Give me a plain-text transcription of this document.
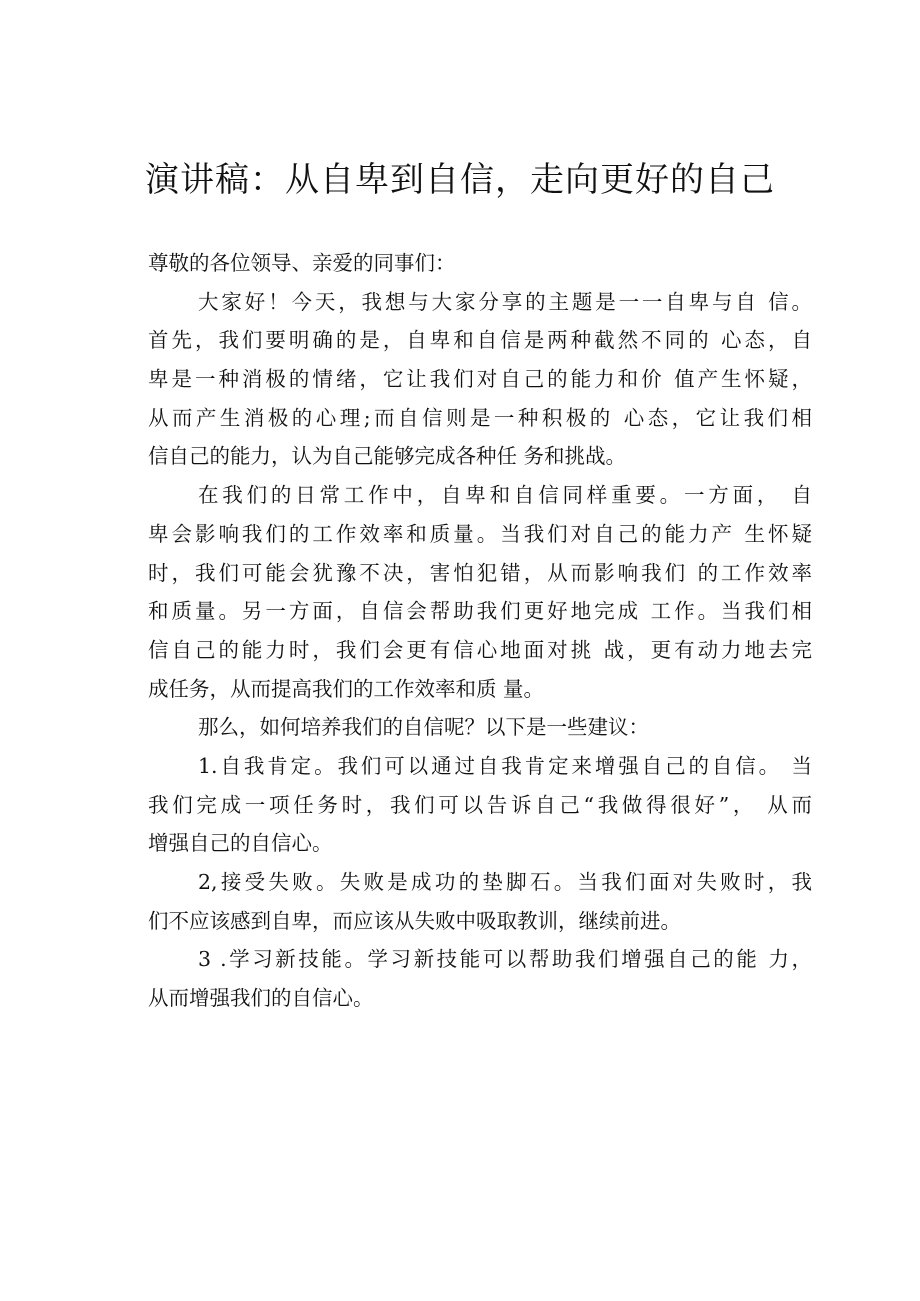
演讲稿：从自卑到自信，走向更好的自己
尊敬的各位领导、亲爱的同事们：
大家好！今天，我想与大家分享的主题是一一自卑与自 信。
首先，我们要明确的是，自卑和自信是两种截然不同的 心态，自
卑是一种消极的情绪，它让我们对自己的能力和价 值产生怀疑，
从而产生消极的心理;而自信则是一种积极的 心态，它让我们相
信自己的能力，认为自己能够完成各种任 务和挑战。
在我们的日常工作中，自卑和自信同样重要。一方面， 自
卑会影响我们的工作效率和质量。当我们对自己的能力产 生怀疑
时，我们可能会犹豫不决，害怕犯错，从而影响我们 的工作效率
和质量。另一方面，自信会帮助我们更好地完成 工作。当我们相
信自己的能力时，我们会更有信心地面对挑 战，更有动力地去完
成任务，从而提高我们的工作效率和质 量。
那么，如何培养我们的自信呢？以下是一些建议：
1.自我肯定。我们可以通过自我肯定来增强自己的自信。 当
我们完成一项任务时，我们可以告诉自己“我做得很好”， 从而
增强自己的自信心。
2,接受失败。失败是成功的垫脚石。当我们面对失败时，我
们不应该感到自卑，而应该从失败中吸取教训，继续前进。
3 .学习新技能。学习新技能可以帮助我们增强自己的能 力，
从而增强我们的自信心。
